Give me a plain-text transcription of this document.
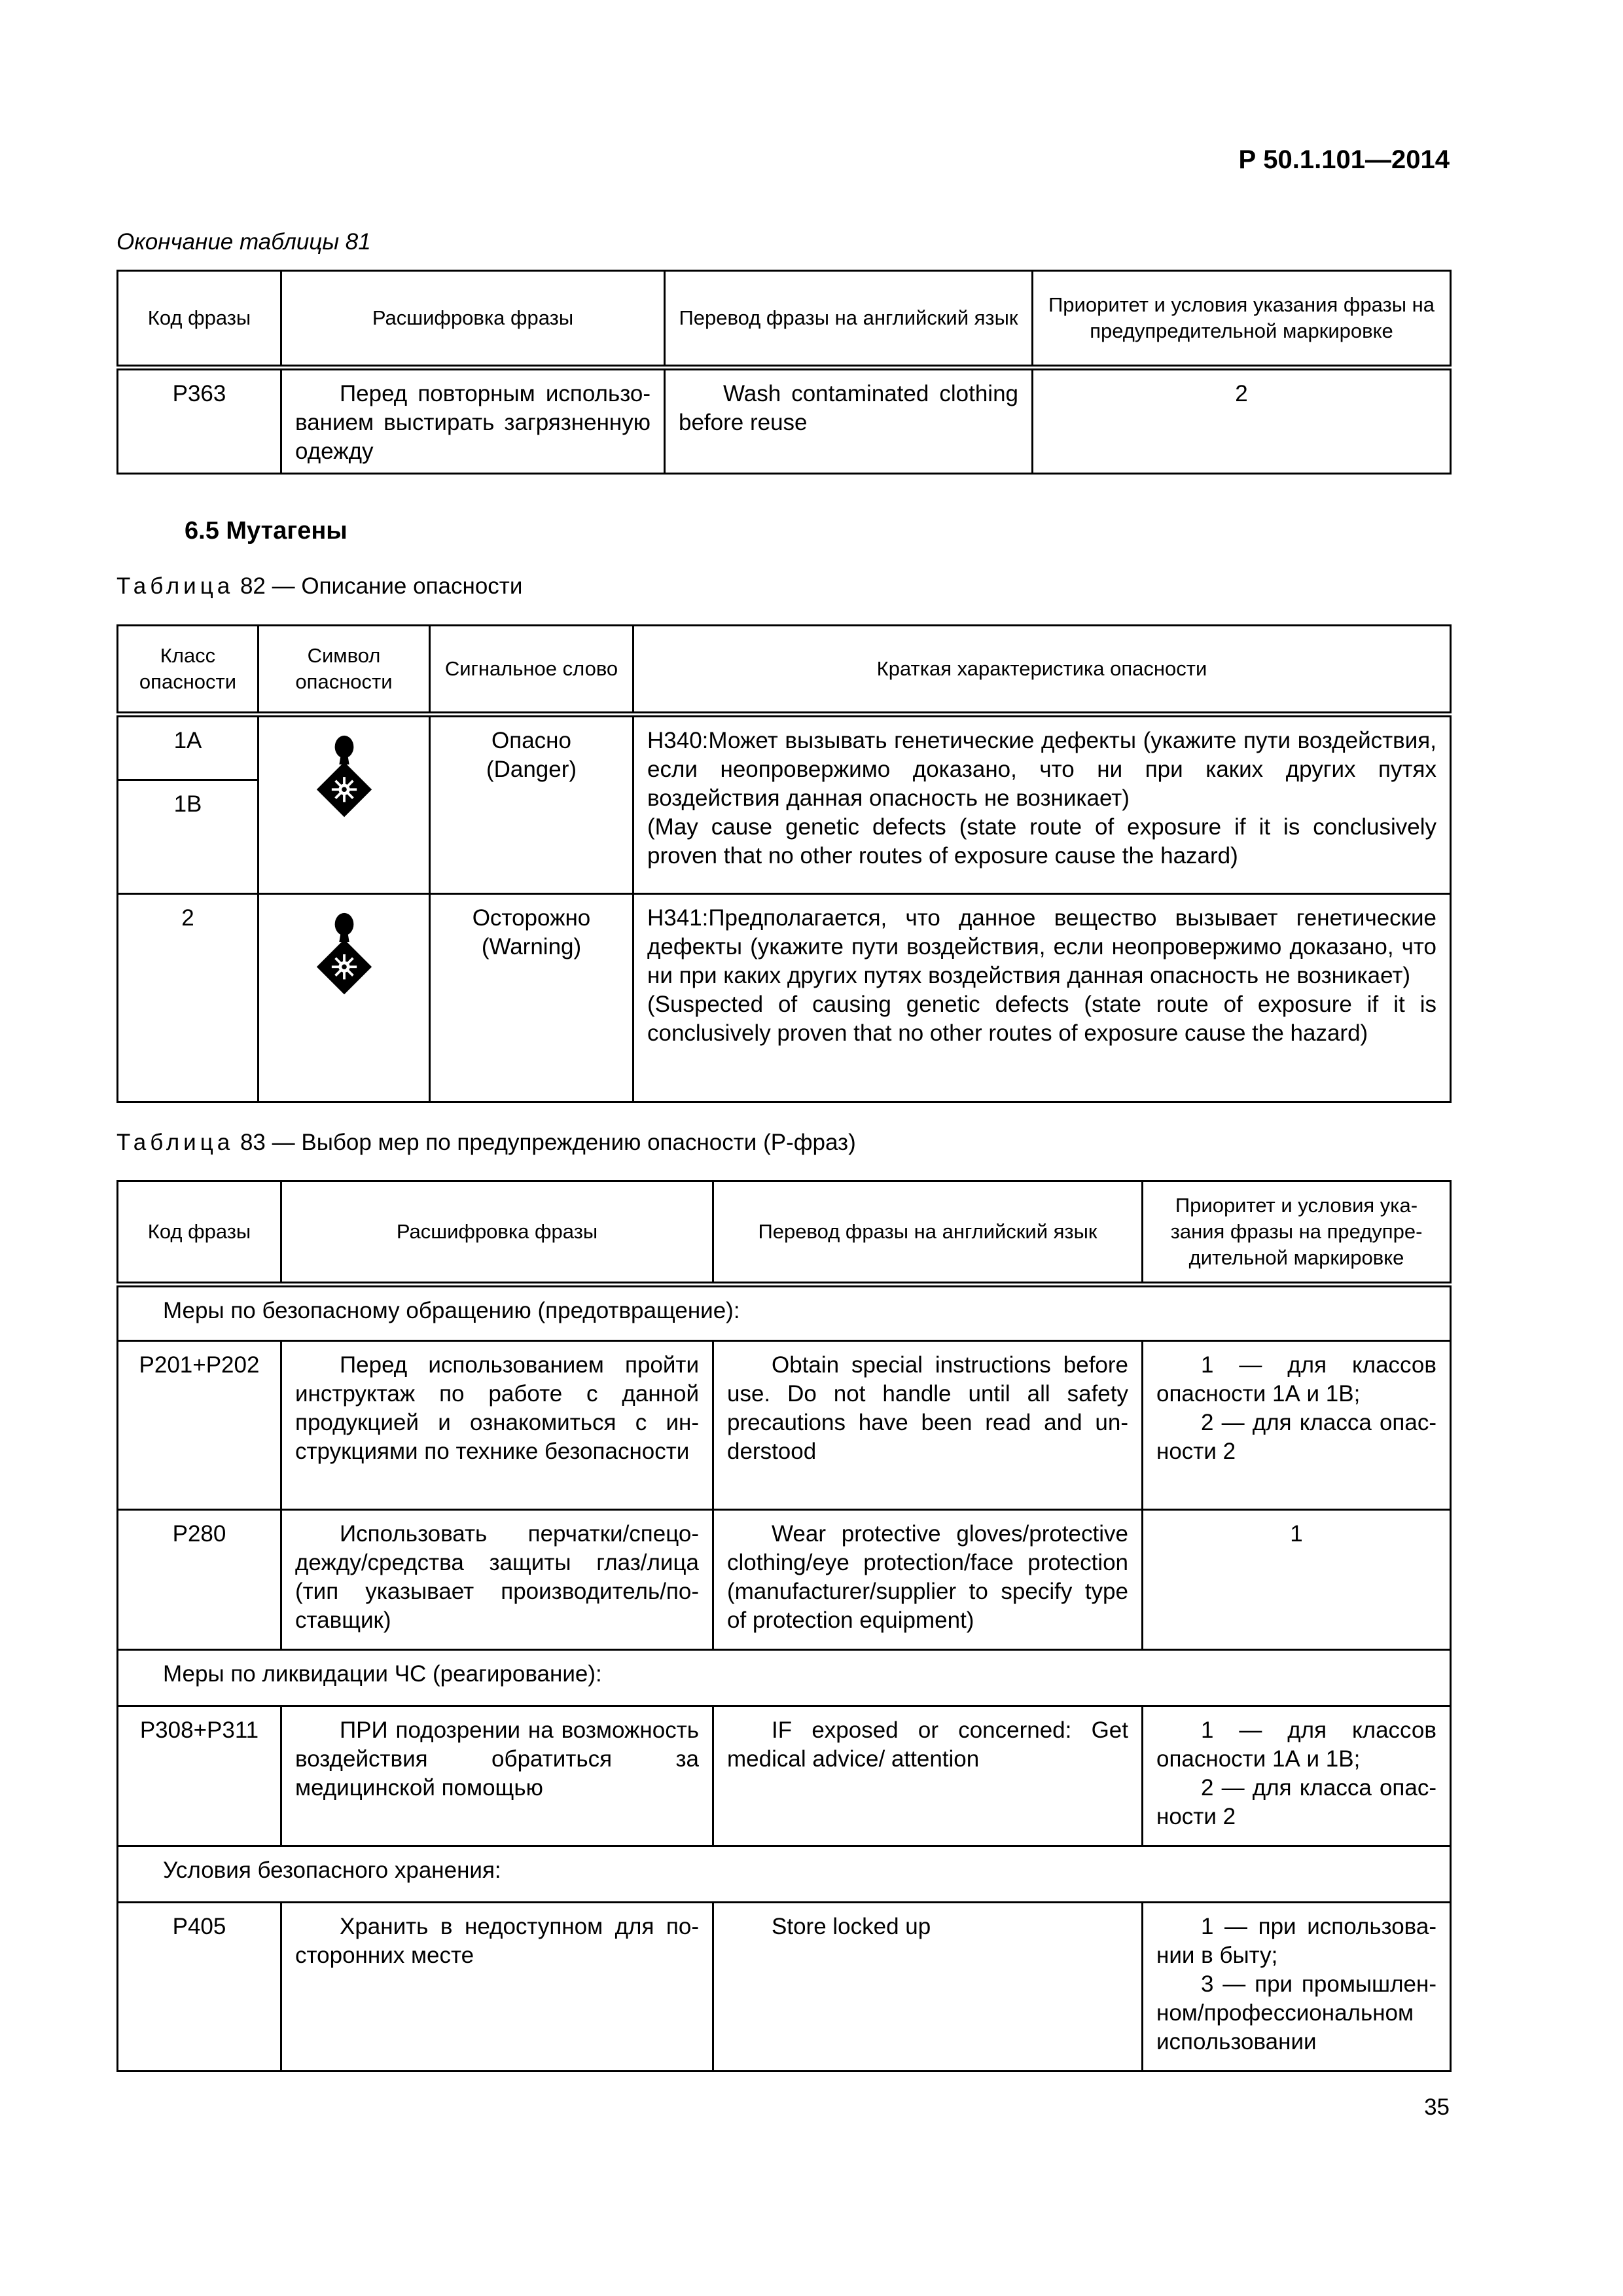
Р 50.1.101—2014
Окончание таблицы 81
Код фразы	Расшифровка фразы	Перевод фразы на английский язык	Приоритет и условия указания фразы на предупредительной маркировке
Р363	Перед повторным использованием выстирать загрязненную одежду	Wash contaminated clothing before reuse	2
6.5 Мутагены
Таблица 82 — Описание опасности
Класс опасности	Символ опасности	Сигнальное слово	Краткая характеристика опасности
1А		Опасно (Danger)	H340:Может вызывать генетические дефекты (укажите пути воздействия, если неопровержимо доказано, что ни при каких других путях воздействия данная опасность не возникает)
(May cause genetic defects (state route of exposure if it is conclusively proven that no other routes of exposure cause the hazard)
1В			
2		Осторожно (Warning)	H341:Предполагается, что данное вещество вызывает генетические дефекты (укажите пути воздействия, если неопровержимо доказано, что ни при каких других путях воздействия данная опасность не возникает)
(Suspected of causing genetic defects (state route of exposure if it is conclusively proven that no other routes of exposure cause the hazard)
Таблица 83 — Выбор мер по предупреждению опасности (Р-фраз)
Код фразы	Расшифровка фразы	Перевод фразы на английский язык	Приоритет и условия указания фразы на предупредительной маркировке
Меры по безопасному обращению (предотвращение):			
Р201+Р202	Перед использованием пройти инструктаж по работе с данной продукцией и ознакомиться с инструкциями по технике безопасности	Obtain special instructions before use. Do not handle until all safety precautions have been read and understood	1 — для классов опасности 1А и 1В;
2 — для класса опасности 2

Р280	Использовать перчатки/спецодежду/средства защиты глаз/лица (тип указывает производитель/поставщик)	Wear protective gloves/protective clothing/eye protection/face protection (manufacturer/supplier to specify type of protection equipment)	1
Меры по ликвидации ЧС (реагирование):			
Р308+Р311	ПРИ подозрении на возможность воздействия обратиться за медицинской помощью	IF exposed or concerned: Get medical advice/ attention	1 — для классов опасности 1А и 1В;
2 — для класса опасности 2

Условия безопасного хранения:			
Р405	Хранить в недоступном для посторонних месте	Store locked up	1 — при использовании в быту;
3 — при промышленном/профессиональном использовании
35
